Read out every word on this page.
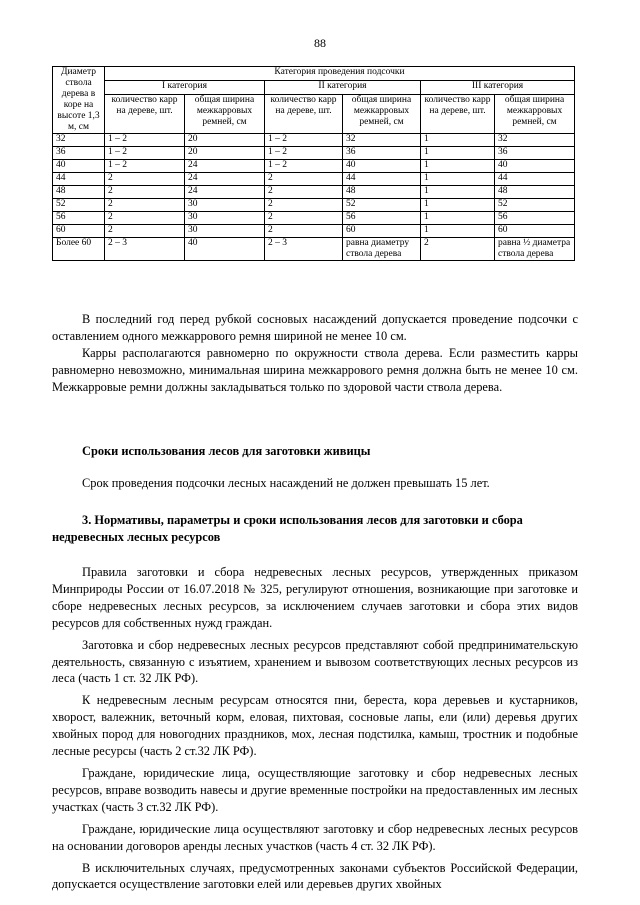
88
Диаметр ствола дерева в коре на высоте 1,3 м, см	Категория проведения подсочки					
	I категория		II категория		III категория	
	количество карр на дереве, шт.	общая ширина межкарровых ремней, см	количество карр на дереве, шт.	общая ширина межкарровых ремней, см	количество карр на дереве, шт.	общая ширина межкарровых ремней, см
32	1 – 2	20	1 – 2	32	1	32
36	1 – 2	20	1 – 2	36	1	36
40	1 – 2	24	1 – 2	40	1	40
44	2	24	2	44	1	44
48	2	24	2	48	1	48
52	2	30	2	52	1	52
56	2	30	2	56	1	56
60	2	30	2	60	1	60
Более 60	2 – 3	40	2 – 3	равна диаметру ствола дерева	2	равна ½ диаметра ствола дерева

В последний год перед рубкой сосновых насаждений допускается проведение подсочки с оставлением одного межкаррового ремня шириной не менее 10 см.

Карры располагаются равномерно по окружности ствола дерева. Если разместить карры равномерно невозможно, минимальная ширина межкаррового ремня должна быть не менее 10 см. Межкарровые ремни должны закладываться только по здоровой части ствола дерева.

Сроки использования лесов для заготовки живицы

Срок проведения подсочки лесных насаждений не должен превышать 15 лет.

3. Нормативы, параметры и сроки использования лесов для заготовки и сбора недревесных лесных ресурсов

Правила заготовки и сбора недревесных лесных ресурсов, утвержденных приказом Минприроды России от 16.07.2018 № 325, регулируют отношения, возникающие при заготовке и сборе недревесных лесных ресурсов, за исключением случаев заготовки и сбора этих видов ресурсов для собственных нужд граждан.

Заготовка и сбор недревесных лесных ресурсов представляют собой предпринимательскую деятельность, связанную с изъятием, хранением и вывозом соответствующих лесных ресурсов из леса (часть 1 ст. 32 ЛК РФ).

К недревесным лесным ресурсам относятся пни, береста, кора деревьев и кустарников, хворост, валежник, веточный корм, еловая, пихтовая, сосновые лапы, ели (или) деревья других хвойных пород для новогодних праздников, мох, лесная подстилка, камыш, тростник и подобные лесные ресурсы (часть 2 ст.32 ЛК РФ).

Граждане, юридические лица, осуществляющие заготовку и сбор недревесных лесных ресурсов, вправе возводить навесы и другие временные постройки на предоставленных им лесных участках (часть 3 ст.32 ЛК РФ).

Граждане, юридические лица осуществляют заготовку и сбор недревесных лесных ресурсов на основании договоров аренды лесных участков (часть 4 ст. 32 ЛК РФ).

В исключительных случаях, предусмотренных законами субъектов Российской Федерации, допускается осуществление заготовки елей или деревьев других хвойных
